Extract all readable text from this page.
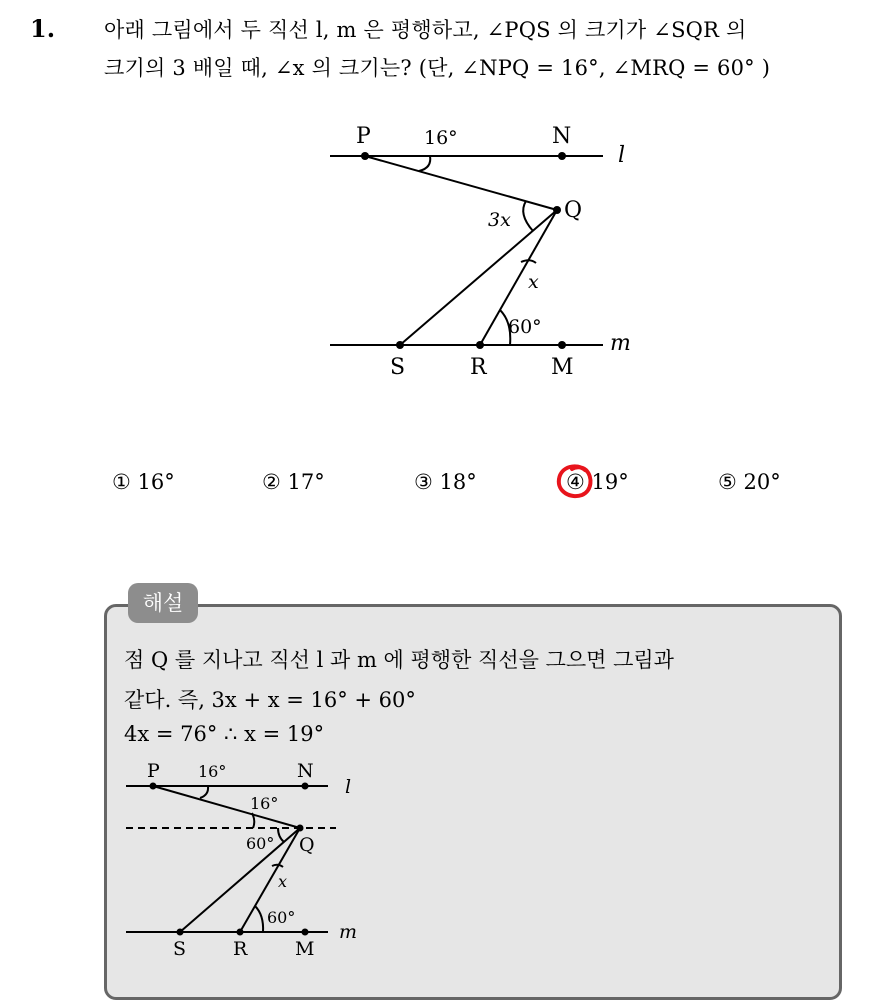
1. 아래 그림에서 두 직선 l, m 은 평행하고, ∠PQS 의 크기가 ∠SQR 의
크기의 3 배일 때, ∠x 의 크기는? (단, ∠NPQ = 16°, ∠MRQ = 60° )
P	N
Q
S	R	M
l
m
16°
3x
x
60°
① 16°	② 17°	③ 18°	④ 19°	⑤ 20°
해설
점 Q 를 지나고 직선 l 과 m 에 평행한 직선을 그으면 그림과
같다. 즉, 3x + x = 16° + 60°
4x = 76° ∴ x = 19°
P	N
Q
S R	M
l
m
16°
16°
60°
x
60°
